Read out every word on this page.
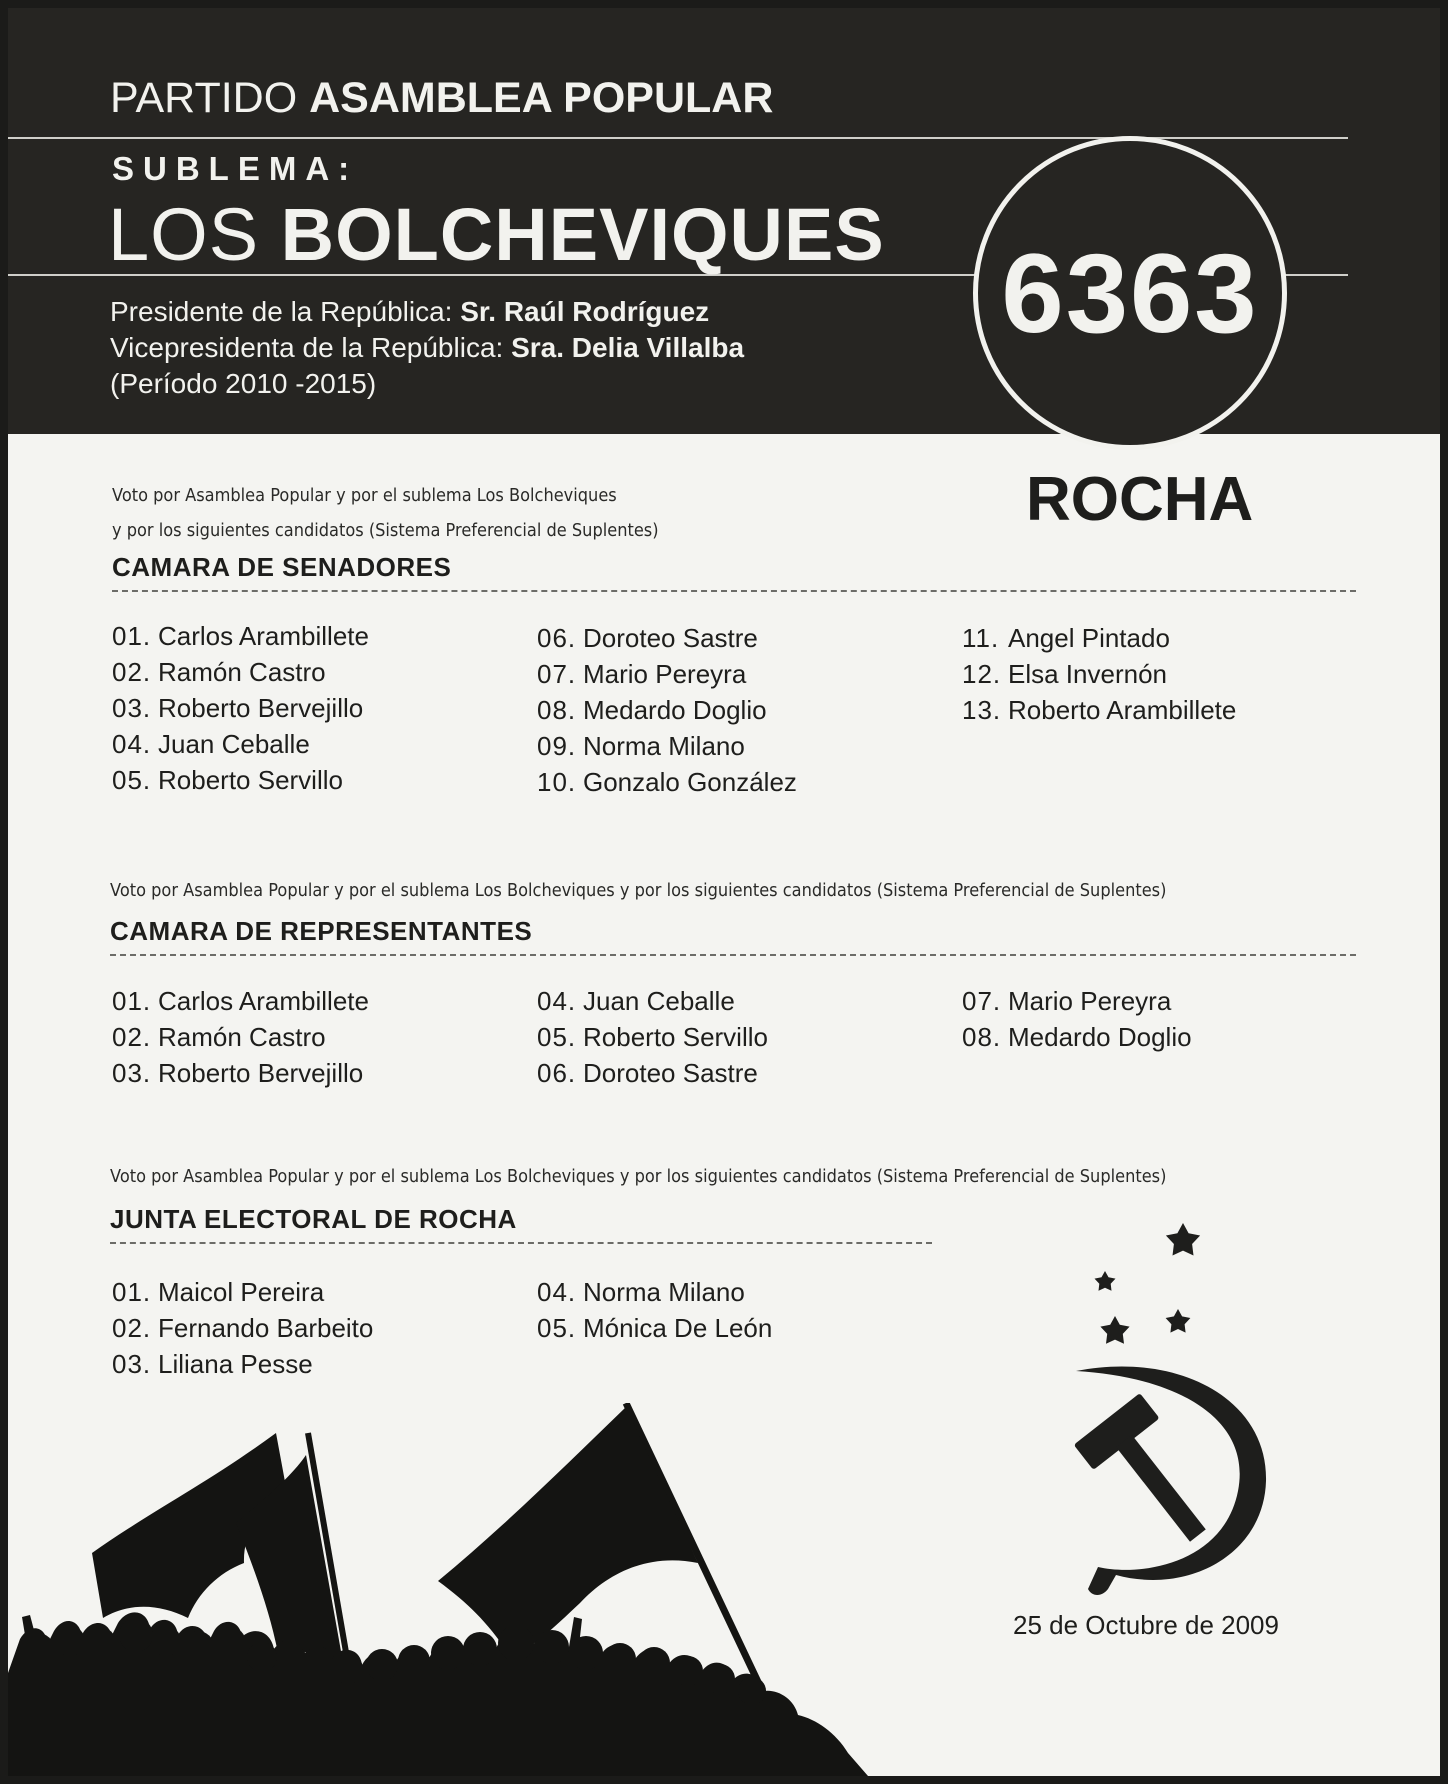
PARTIDO ASAMBLEA POPULAR
SUBLEMA:
LOS BOLCHEVIQUES
Presidente de la República: Sr. Raúl Rodríguez
Vicepresidenta de la República: Sra. Delia Villalba
(Período 2010 -2015)
6363
ROCHA
Voto por Asamblea Popular y por el sublema Los Bolcheviques
y por los siguientes candidatos (Sistema Preferencial de Suplentes)
CAMARA DE SENADORES
01. Carlos Arambillete
02. Ramón Castro
03. Roberto Bervejillo
04. Juan Ceballe
05. Roberto Servillo
06. Doroteo Sastre
07. Mario Pereyra
08. Medardo Doglio
09. Norma Milano
10. Gonzalo González
11. Angel Pintado
12. Elsa Invernón
13. Roberto Arambillete
Voto por Asamblea Popular y por el sublema Los Bolcheviques y por los siguientes candidatos (Sistema Preferencial de Suplentes)
CAMARA DE REPRESENTANTES
01. Carlos Arambillete
02. Ramón Castro
03. Roberto Bervejillo
04. Juan Ceballe
05. Roberto Servillo
06. Doroteo Sastre
07. Mario Pereyra
08. Medardo Doglio
Voto por Asamblea Popular y por el sublema Los Bolcheviques y por los siguientes candidatos (Sistema Preferencial de Suplentes)
JUNTA ELECTORAL DE ROCHA
01. Maicol Pereira
02. Fernando Barbeito
03. Liliana Pesse
04. Norma Milano
05. Mónica De León
25 de Octubre de 2009
